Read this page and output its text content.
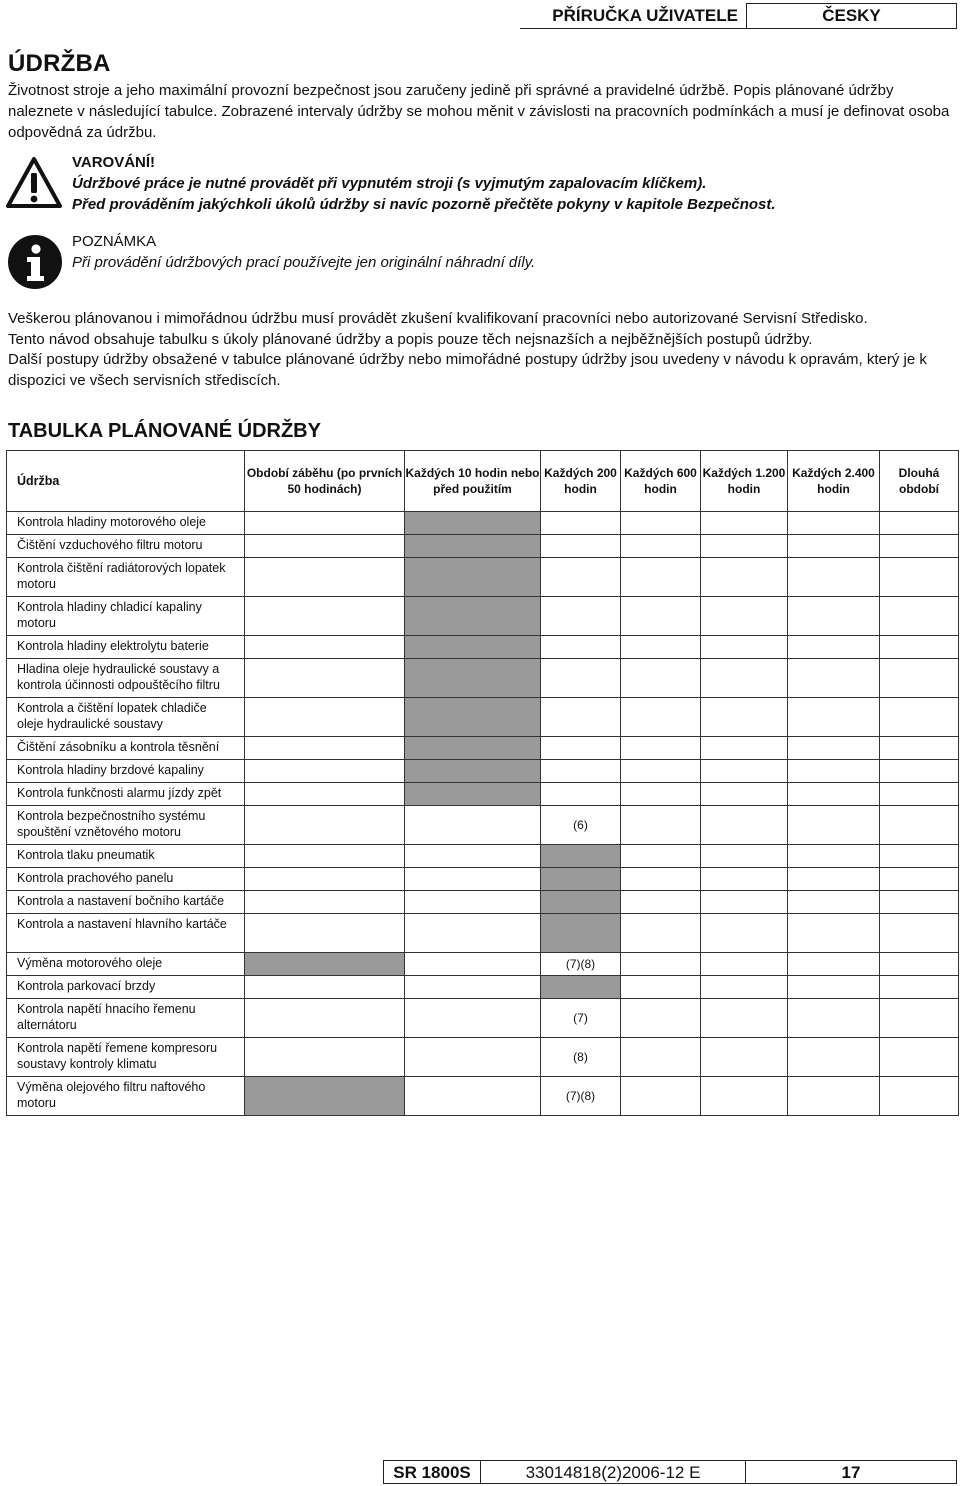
PŘÍRUČKA UŽIVATELE	ČESKY
ÚDRŽBA

Životnost stroje a jeho maximální provozní bezpečnost jsou zaručeny jedině při správné a pravidelné údržbě. Popis plánované údržby naleznete v následující tabulce. Zobrazené intervaly údržby se mohou měnit v závislosti na pracovních podmínkách a musí je definovat osoba odpovědná za údržbu.

VAROVÁNÍ!
Údržbové práce je nutné provádět při vypnutém stroji (s vyjmutým zapalovacím klíčkem).
Před prováděním jakýchkoli úkolů údržby si navíc pozorně přečtěte pokyny v kapitole Bezpečnost.
POZNÁMKA
Při provádění údržbových prací používejte jen originální náhradní díly.

Veškerou plánovanou i mimořádnou údržbu musí provádět zkušení kvalifikovaní pracovníci nebo autorizované Servisní Středisko.
Tento návod obsahuje tabulku s úkoly plánované údržby a popis pouze těch nejsnazších a nejběžnějších postupů údržby.
Další postupy údržby obsažené v tabulce plánované údržby nebo mimořádné postupy údržby jsou uvedeny v návodu k opravám, který je k dispozici ve všech servisních střediscích.

TABULKA PLÁNOVANÉ ÚDRŽBY
Údržba	Období záběhu (po prvních 50 hodinách)	Každých 10 hodin nebo před použitím	Každých 200 hodin	Každých 600 hodin	Každých 1.200 hodin	Každých 2.400 hodin	Dlouhá období
Kontrola hladiny motorového oleje							
Čištění vzduchového filtru motoru							
Kontrola čištění radiátorových lopatek motoru							
Kontrola hladiny chladicí kapaliny motoru							
Kontrola hladiny elektrolytu baterie							
Hladina oleje hydraulické soustavy a kontrola účinnosti odpouštěcího filtru							
Kontrola a čištění lopatek chladiče oleje hydraulické soustavy							
Čištění zásobníku a kontrola těsnění							
Kontrola hladiny brzdové kapaliny							
Kontrola funkčnosti alarmu jízdy zpět							
Kontrola bezpečnostního systému spouštění vznětového motoru			(6)				
Kontrola tlaku pneumatik							
Kontrola prachového panelu							
Kontrola a nastavení bočního kartáče							
Kontrola a nastavení hlavního kartáče							
Výměna motorového oleje			(7)(8)				
Kontrola parkovací brzdy							
Kontrola napětí hnacího řemenu alternátoru			(7)				
Kontrola napětí řemene kompresoru soustavy kontroly klimatu			(8)				
Výměna olejového filtru naftového motoru			(7)(8)				
SR 1800S	33014818(2)2006-12 E	17
